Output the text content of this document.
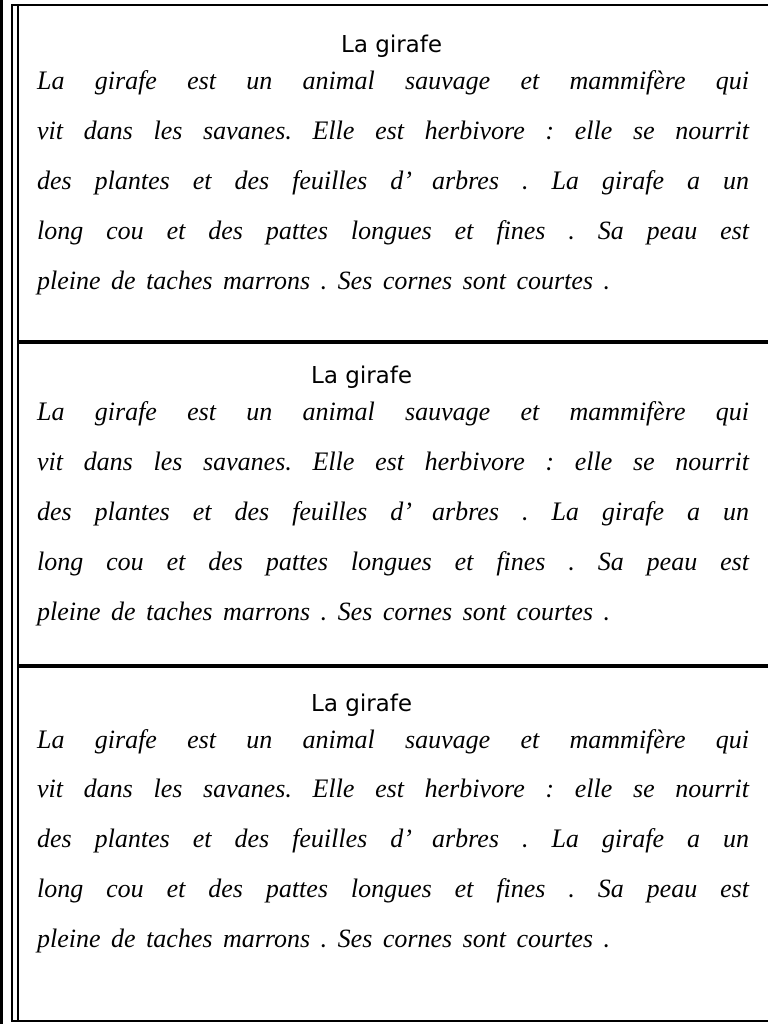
La girafe
La girafe est un animal sauvage et mammifère qui
vit dans les savanes. Elle est herbivore : elle se nourrit
des plantes et des feuilles d’ arbres . La girafe a un
long cou et des pattes longues et fines . Sa peau est
pleine de taches marrons . Ses cornes sont courtes .
La girafe
La girafe est un animal sauvage et mammifère qui
vit dans les savanes. Elle est herbivore : elle se nourrit
des plantes et des feuilles d’ arbres . La girafe a un
long cou et des pattes longues et fines . Sa peau est
pleine de taches marrons . Ses cornes sont courtes .
La girafe
La girafe est un animal sauvage et mammifère qui
vit dans les savanes. Elle est herbivore : elle se nourrit
des plantes et des feuilles d’ arbres . La girafe a un
long cou et des pattes longues et fines . Sa peau est
pleine de taches marrons . Ses cornes sont courtes .
